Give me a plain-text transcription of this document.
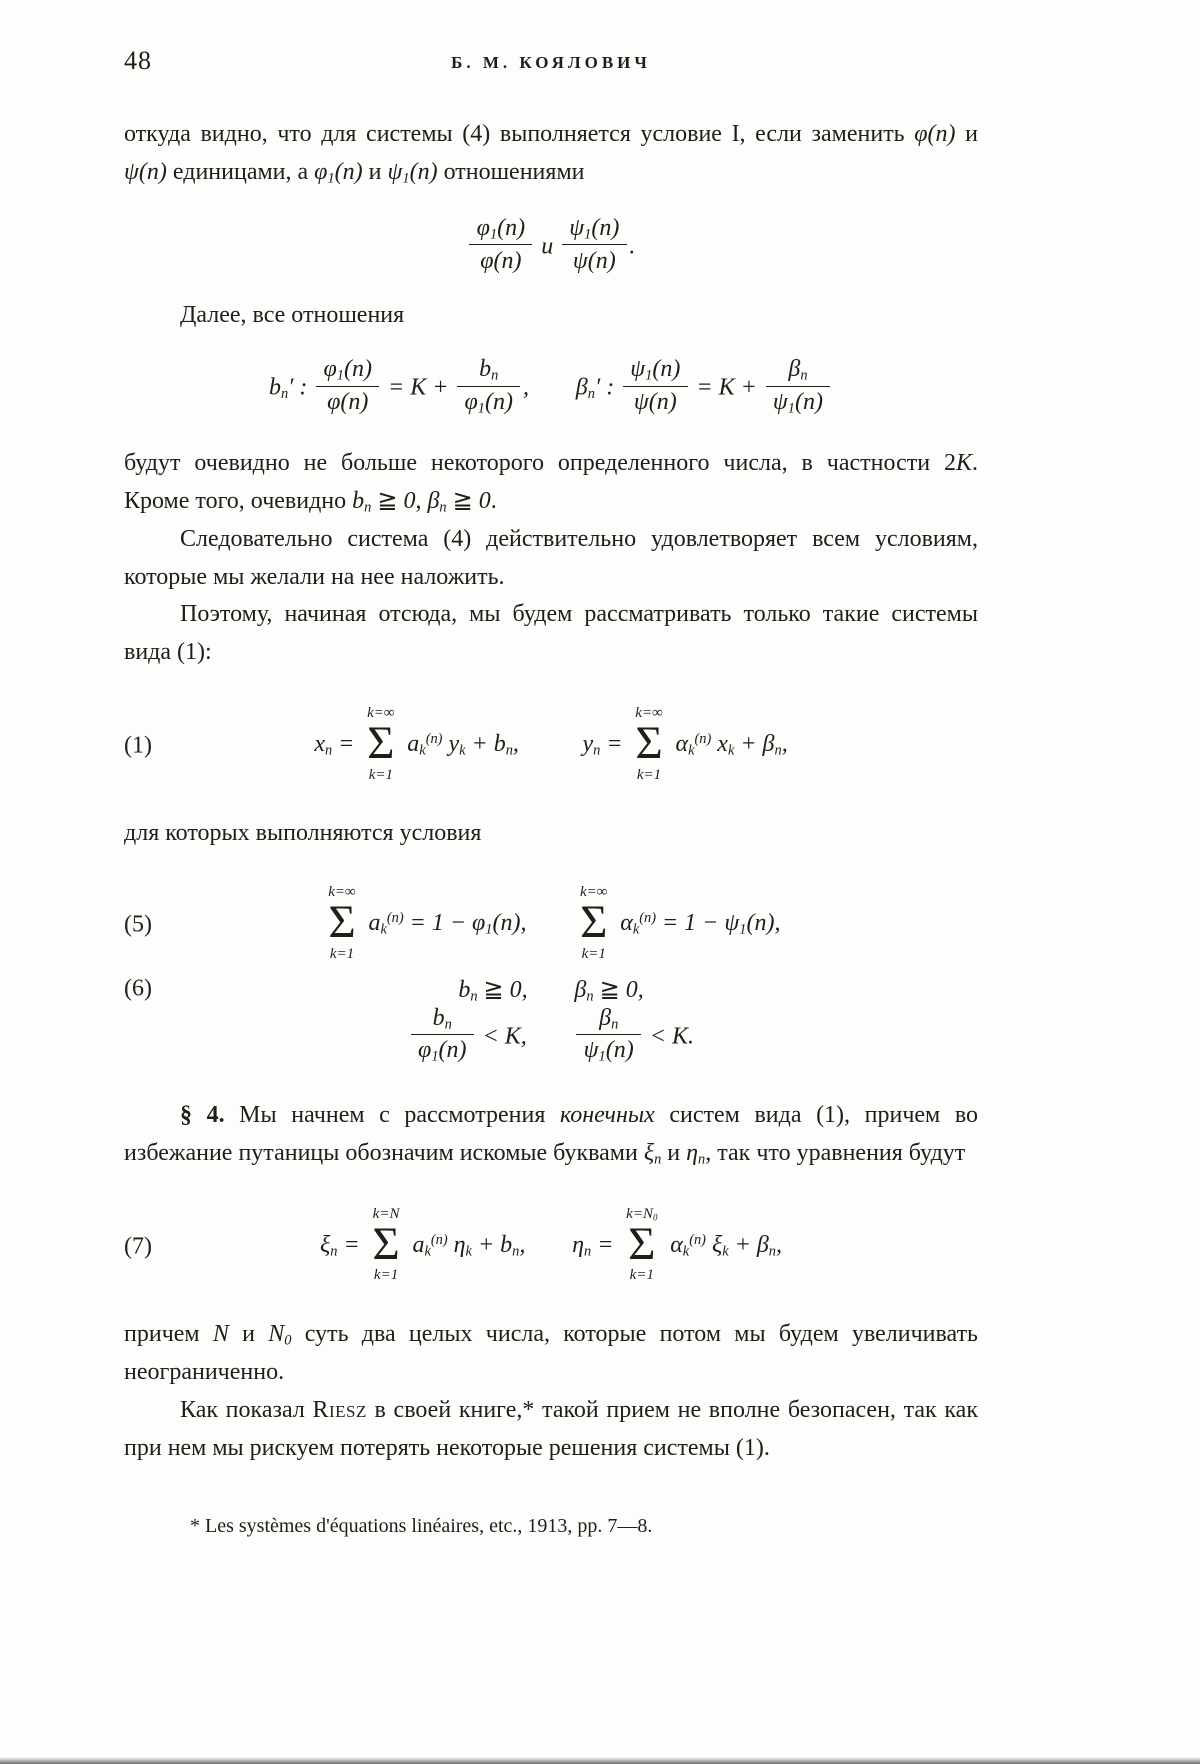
48	Б. М. КОЯЛОВИЧ

откуда видно, что для системы (4) выполняется условие I, если заменить φ(n) и ψ(n) единицами, а $\varphi_1(n)$ и $\psi_1(n)$ отношениями

$\frac{\varphi_1(n)}{\varphi(n)}$ и $\frac{\psi_1(n)}{\psi(n)}$ .

Далее, все отношения

$b_n'$ : $\frac{\varphi_1(n)}{\varphi(n)} = K + \frac{b_n}{\varphi_1(n)}$ , $\beta_n'$ : $\frac{\psi_1(n)}{\psi(n)} = K + \frac{\beta_n}{\psi_1(n)}$

будут очевидно не больше некоторого определенного числа, в частности 2K. Кроме того, очевидно $b_n$ ≧ 0, $\beta_n$ ≧ 0.

Следовательно система (4) действительно удовлетворяет всем условиям, которые мы желали на нее наложить.

Поэтому, начиная отсюда, мы будем рассматривать только такие системы вида (1):

(1)	$x_n$ =
k=∞
Σ
k=1
$a_k^{(n)}$ $y_k + b_n$, $y_n$ =
k=∞
Σ
k=1
$\alpha_k^{(n)}$ $x_k + \beta_n$,

для которых выполняются условия

(5)
k=∞
Σ
k=1
$a_k^{(n)} = 1 - \varphi_1(n)$,
k=∞
Σ
k=1
$\alpha_k^{(n)} = 1 - \psi_1(n)$,
(6)	$b_n$ ≧ 0, $\beta_n$ ≧ 0,
$\frac{b_n}{\varphi_1(n)} < K$, $\frac{\beta_n}{\psi_1(n)} < K$.

§ 4. Мы начнем с рассмотрения конечных систем вида (1), причем во избежание путаницы обозначим искомые буквами $\xi_n$ и $\eta_n$, так что уравнения будут

(7)	$\xi_n$ =
k=N
Σ
k=1
$a_k^{(n)}$ $\eta_k + b_n$, $\eta_n$ =
$k=N_0$
Σ
k=1
$\alpha_k^{(n)}$ $\xi_k + \beta_n$,

причем N и $N_0$ суть два целых числа, которые потом мы будем увеличивать неограниченно.

Как показал Riesz в своей книге,* такой прием не вполне безопасен, так как при нем мы рискуем потерять некоторые решения системы (1).

* Les systèmes d'équations linéaires, etc., 1913, pp. 7—8.
